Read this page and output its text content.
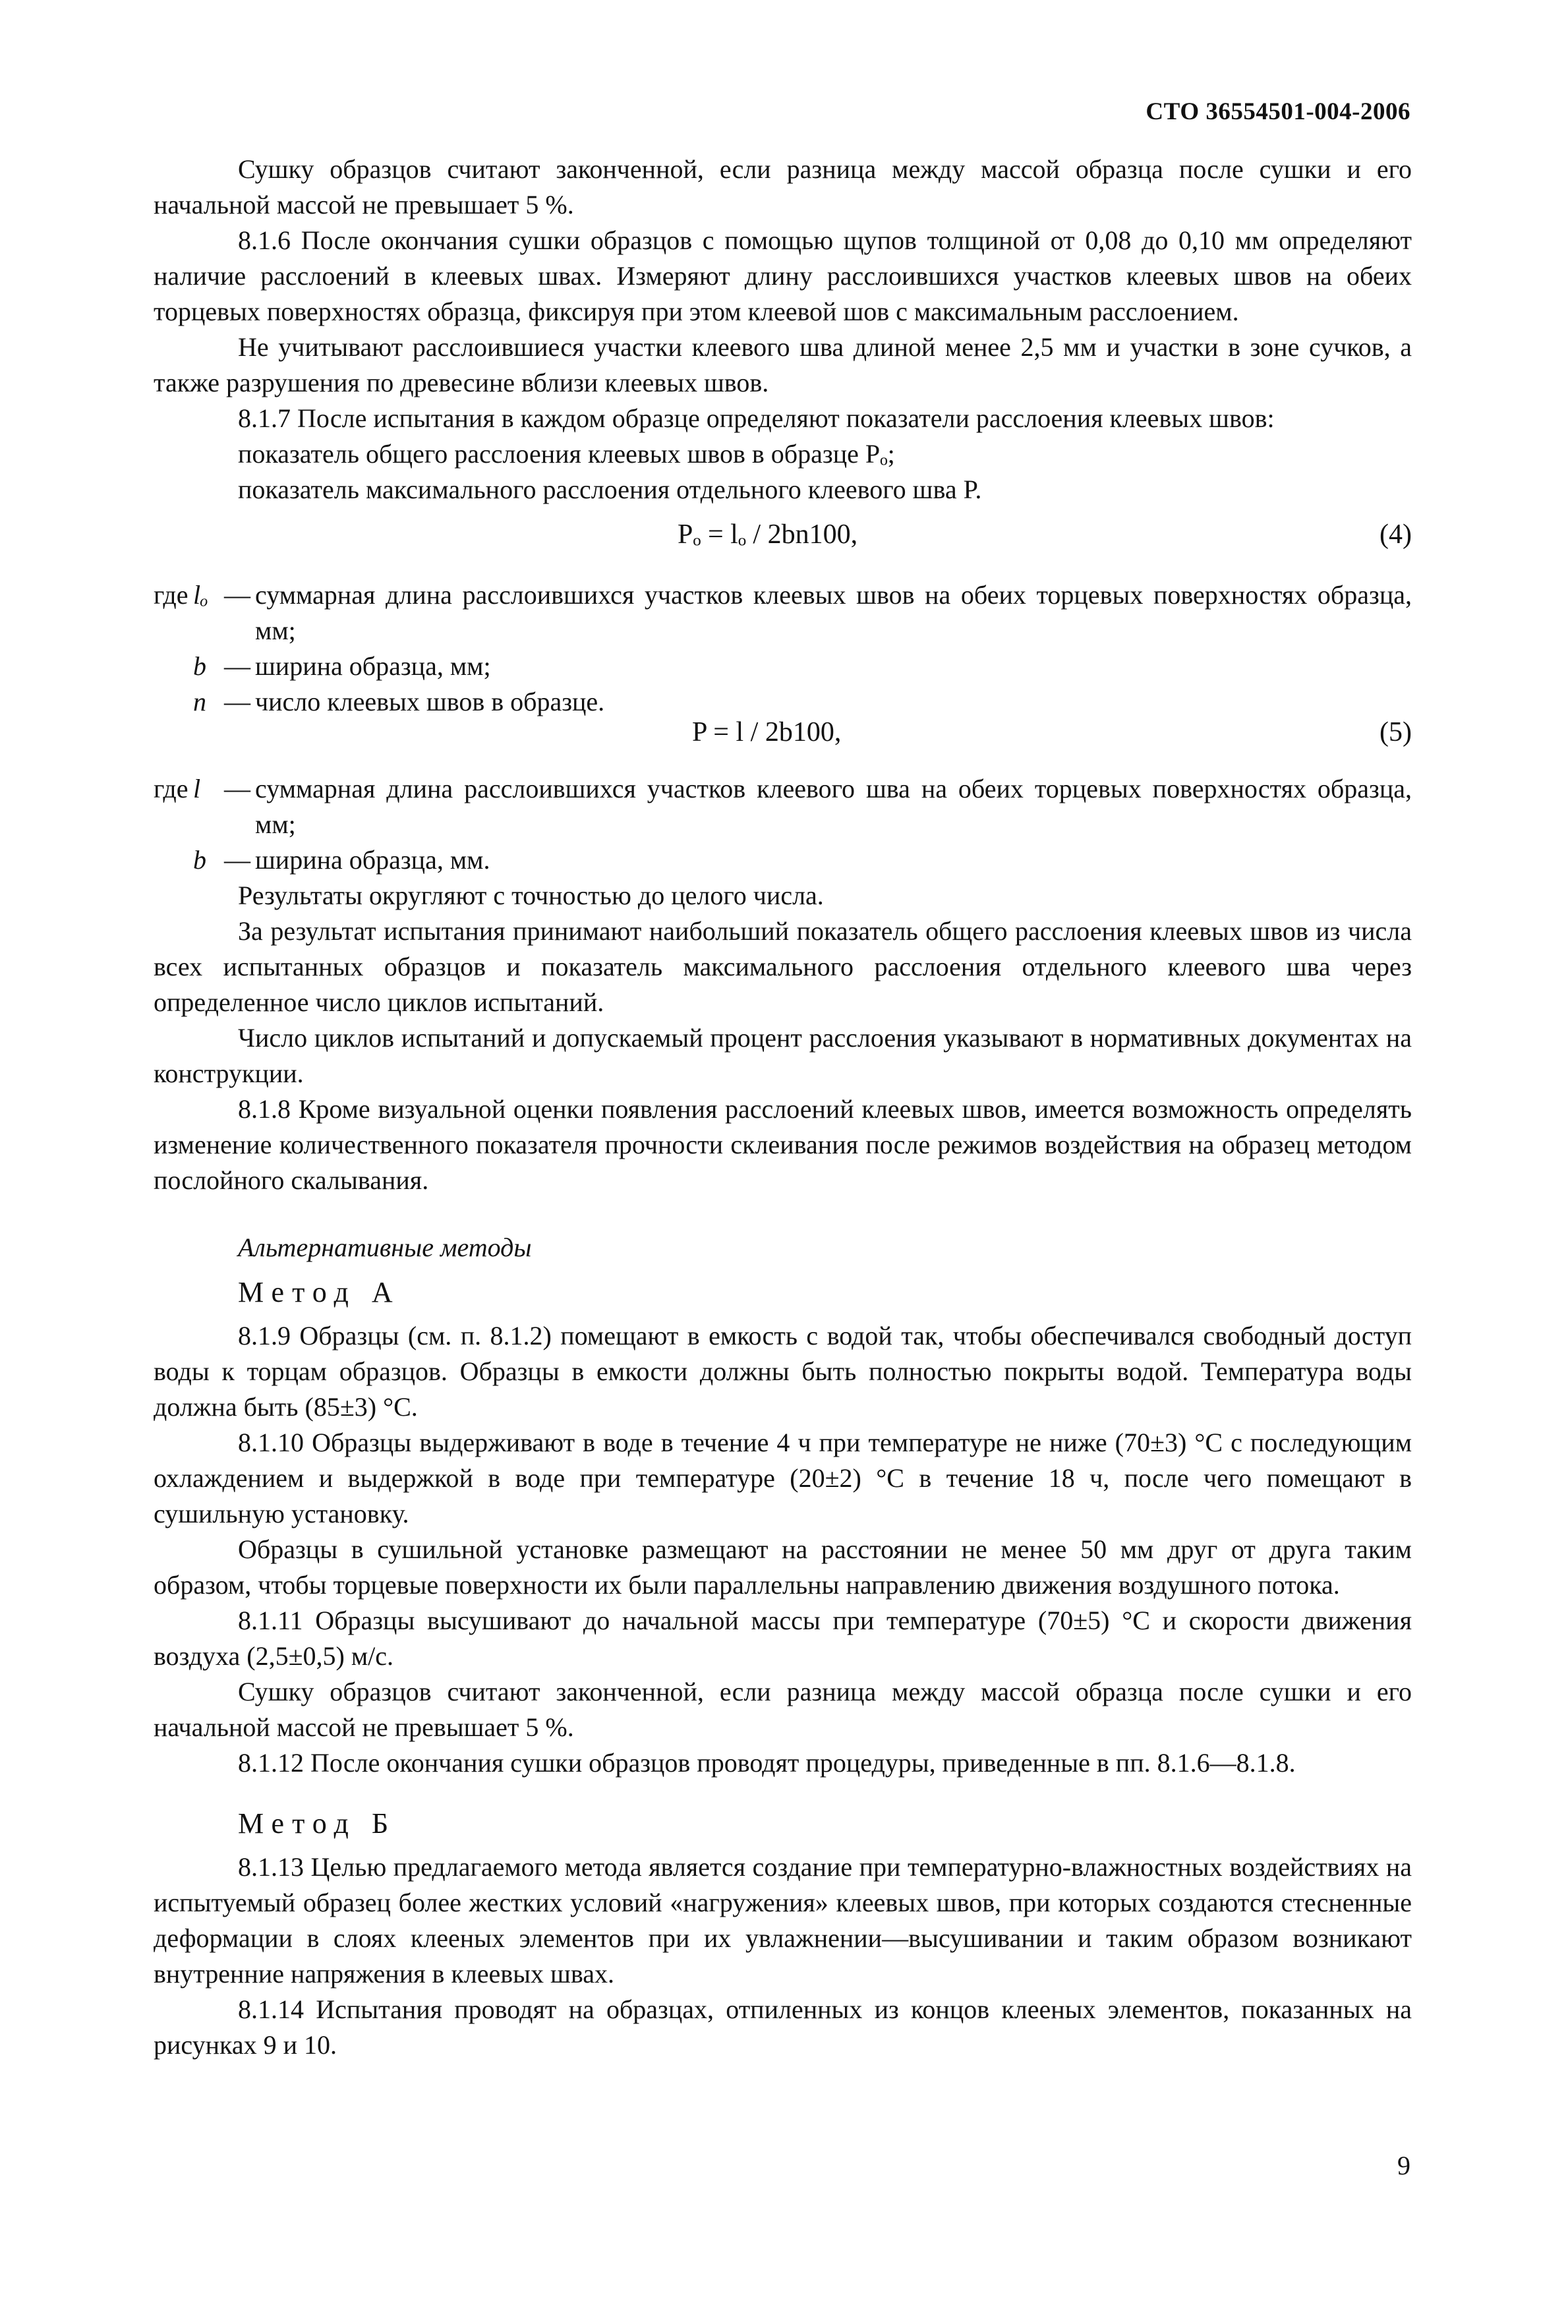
СТО 36554501-004-2006

Сушку образцов считают законченной, если разница между массой образца после сушки и его начальной массой не превышает 5 %.

8.1.6 После окончания сушки образцов с помощью щупов толщиной от 0,08 до 0,10 мм определяют наличие расслоений в клеевых швах. Измеряют длину расслоившихся участков клеевых швов на обеих торцевых поверхностях образца, фиксируя при этом клеевой шов с максимальным расслоением.

Не учитывают расслоившиеся участки клеевого шва длиной менее 2,5 мм и участки в зоне сучков, а также разрушения по древесине вблизи клеевых швов.

8.1.7 После испытания в каждом образце определяют показатели расслоения клеевых швов:

показатель общего расслоения клеевых швов в образце Pₒ;

показатель максимального расслоения отдельного клеевого шва P.

Pₒ = lₒ / 2bn100,	(4)
где lₒ — суммарная длина расслоившихся участков клеевых швов на обеих торцевых поверхностях образца, мм;
b — ширина образца, мм;
n — число клеевых швов в образце.
P = l / 2b100,	(5)
где l — суммарная длина расслоившихся участков клеевого шва на обеих торцевых поверхностях образца, мм;
b — ширина образца, мм.

Результаты округляют с точностью до целого числа.

За результат испытания принимают наибольший показатель общего расслоения клеевых швов из числа всех испытанных образцов и показатель максимального расслоения отдельного клеевого шва через определенное число циклов испытаний.

Число циклов испытаний и допускаемый процент расслоения указывают в нормативных документах на конструкции.

8.1.8 Кроме визуальной оценки появления расслоений клеевых швов, имеется возможность определять изменение количественного показателя прочности склеивания после режимов воздействия на образец методом послойного скалывания.

Альтернативные методы
Метод А

8.1.9 Образцы (см. п. 8.1.2) помещают в емкость с водой так, чтобы обеспечивался свободный доступ воды к торцам образцов. Образцы в емкости должны быть полностью покрыты водой. Температура воды должна быть (85±3) °С.

8.1.10 Образцы выдерживают в воде в течение 4 ч при температуре не ниже (70±3) °С с последующим охлаждением и выдержкой в воде при температуре (20±2) °С в течение 18 ч, после чего помещают в сушильную установку.

Образцы в сушильной установке размещают на расстоянии не менее 50 мм друг от друга таким образом, чтобы торцевые поверхности их были параллельны направлению движения воздушного потока.

8.1.11 Образцы высушивают до начальной массы при температуре (70±5) °С и скорости движения воздуха (2,5±0,5) м/с.

Сушку образцов считают законченной, если разница между массой образца после сушки и его начальной массой не превышает 5 %.

8.1.12 После окончания сушки образцов проводят процедуры, приведенные в пп. 8.1.6—8.1.8.

Метод Б

8.1.13 Целью предлагаемого метода является создание при температурно-влажностных воздействиях на испытуемый образец более жестких условий «нагружения» клеевых швов, при которых создаются стесненные деформации в слоях клееных элементов при их увлажнении—высушивании и таким образом возникают внутренние напряжения в клеевых швах.

8.1.14 Испытания проводят на образцах, отпиленных из концов клееных элементов, показанных на рисунках 9 и 10.

9
